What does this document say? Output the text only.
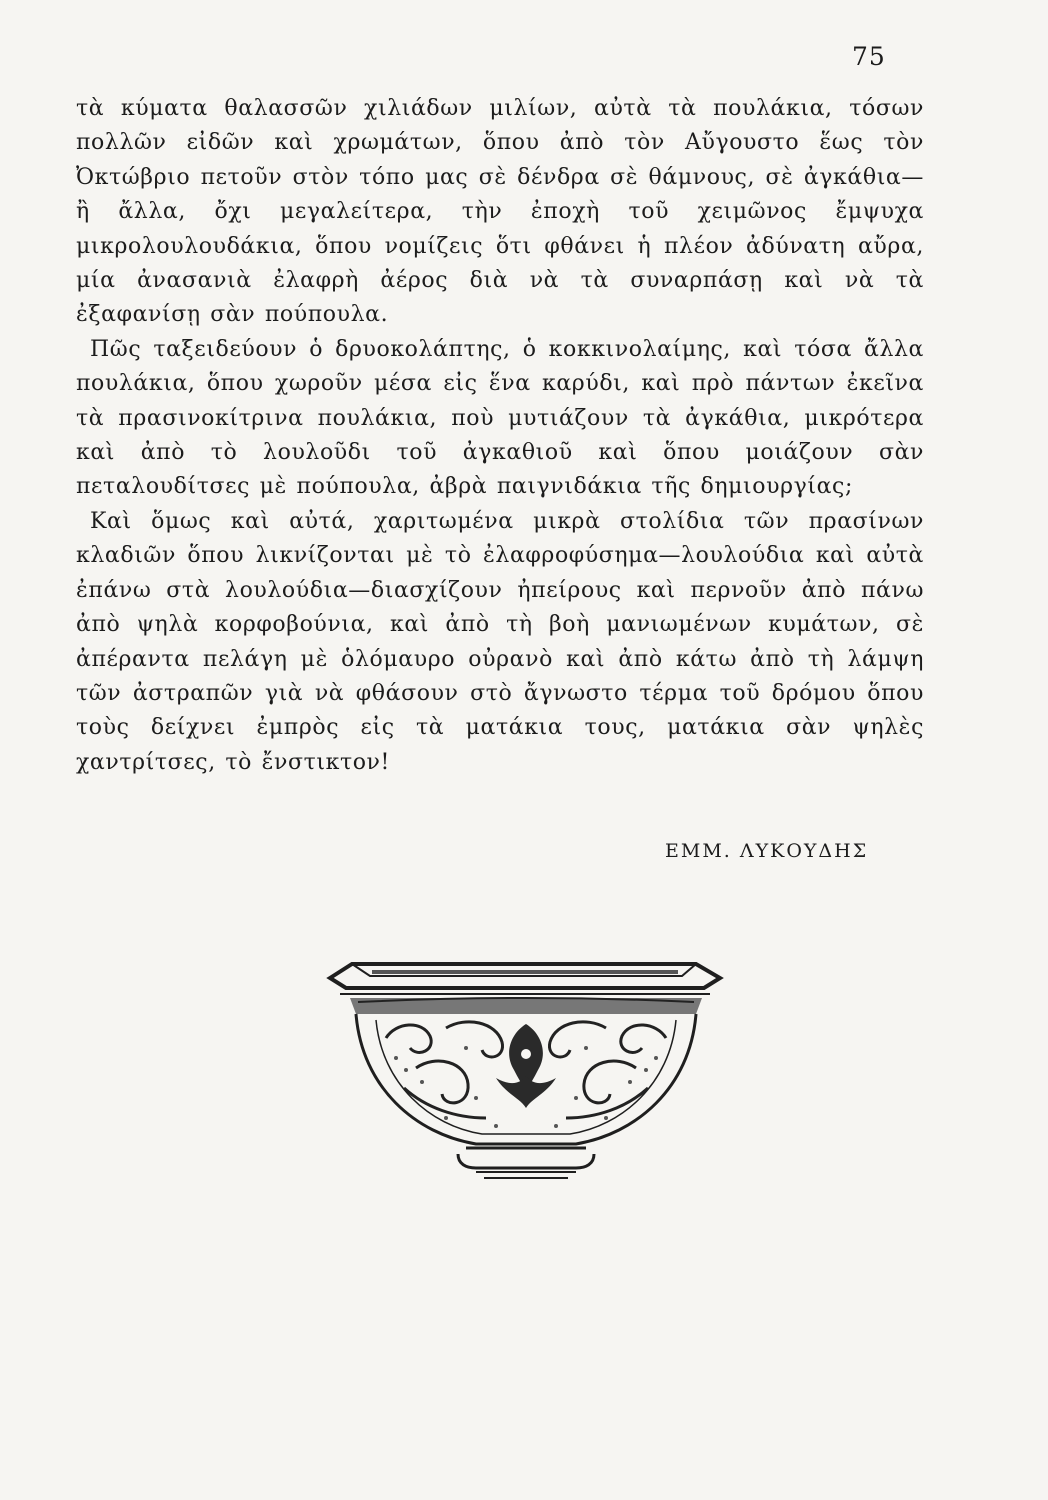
75

τὰ κύματα θαλασσῶν χιλιάδων μιλίων, αὐτὰ τὰ πουλάκια, τόσων πολλῶν εἰδῶν καὶ χρωμάτων, ὅπου ἀπὸ τὸν Αὔγουστο ἕως τὸν Ὀκτώβριο πετοῦν στὸν τόπο μας σὲ δένδρα σὲ θάμνους, σὲ ἀγκάθια—ἢ ἄλλα, ὄχι μεγαλείτερα, τὴν ἐποχὴ τοῦ χειμῶνος ἔμψυχα μικρολουλουδάκια, ὅπου νομίζεις ὅτι φθάνει ἡ πλέον ἀδύνατη αὔρα, μία ἀνασανιὰ ἐλαφρὴ ἀέρος διὰ νὰ τὰ συναρπάσῃ καὶ νὰ τὰ ἐξαφανίσῃ σὰν πούπουλα.

Πῶς ταξειδεύουν ὁ δρυοκολάπτης, ὁ κοκκινολαίμης, καὶ τόσα ἄλλα πουλάκια, ὅπου χωροῦν μέσα εἰς ἕνα καρύδι, καὶ πρὸ πάντων ἐκεῖνα τὰ πρασινοκίτρινα πουλάκια, ποὺ μυτιάζουν τὰ ἀγκάθια, μικρότερα καὶ ἀπὸ τὸ λουλοῦδι τοῦ ἀγκαθιοῦ καὶ ὅπου μοιάζουν σὰν πεταλουδίτσες μὲ πούπουλα, ἀβρὰ παιγνιδάκια τῆς δημιουργίας;

Καὶ ὅμως καὶ αὐτά, χαριτωμένα μικρὰ στολίδια τῶν πρασίνων κλαδιῶν ὅπου λικνίζονται μὲ τὸ ἐλαφροφύσημα—λουλούδια καὶ αὐτὰ ἐπάνω στὰ λουλούδια—διασχίζουν ἠπείρους καὶ περνοῦν ἀπὸ πάνω ἀπὸ ψηλὰ κορφοβούνια, καὶ ἀπὸ τὴ βοὴ μανιωμένων κυμάτων, σὲ ἀπέραντα πελάγη μὲ ὁλόμαυρο οὐρανὸ καὶ ἀπὸ κάτω ἀπὸ τὴ λάμψη τῶν ἀστραπῶν γιὰ νὰ φθάσουν στὸ ἄγνωστο τέρμα τοῦ δρόμου ὅπου τοὺς δείχνει ἐμπρὸς εἰς τὰ ματάκια τους, ματάκια σὰν ψηλὲς χαντρίτσες, τὸ ἔνστικτον!

ΕΜΜ. ΛΥΚΟΥΔΗΣ
